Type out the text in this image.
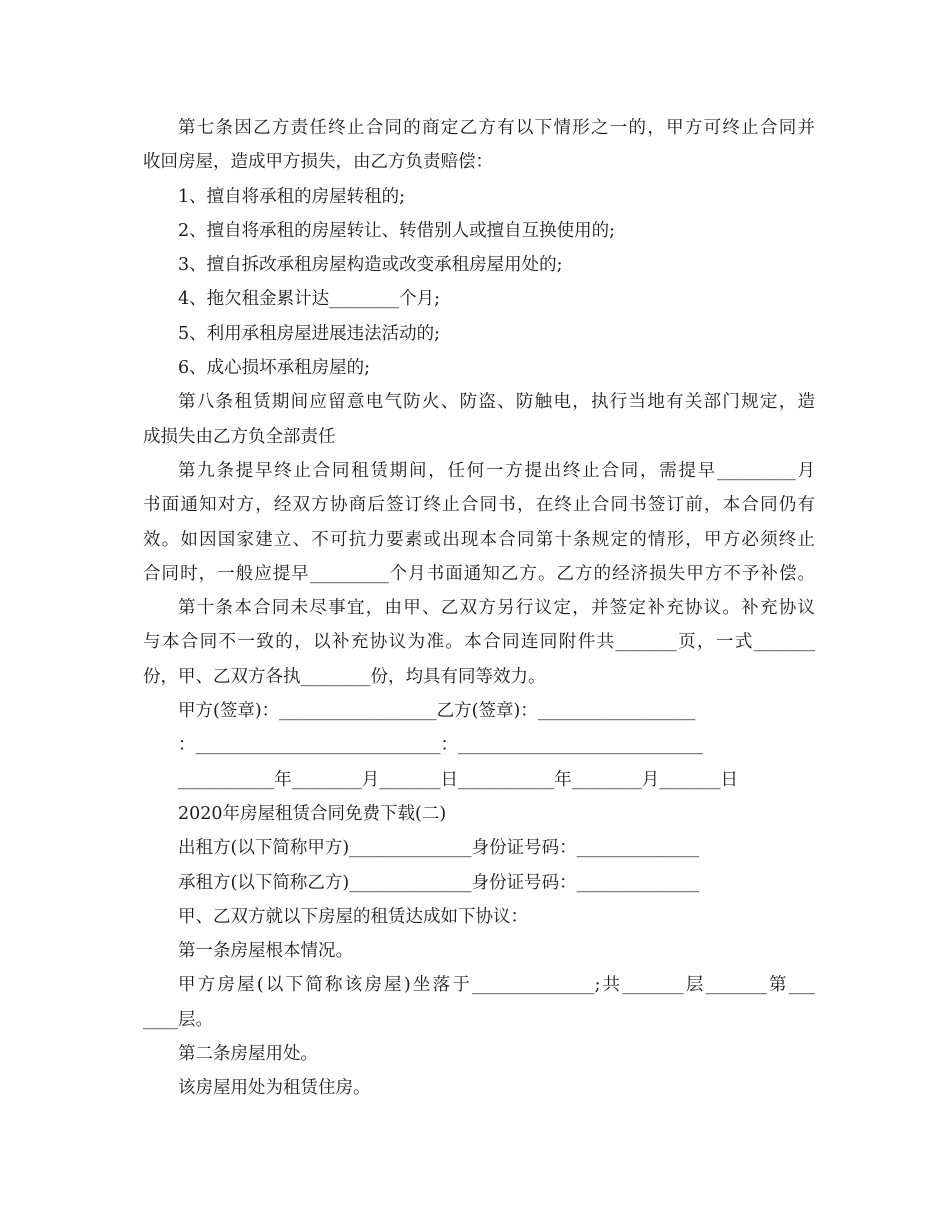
第七条因乙方责任终止合同的商定乙方有以下情形之一的，甲方可终止合同并
收回房屋，造成甲方损失，由乙方负责赔偿：
1、擅自将承租的房屋转租的;
2、擅自将承租的房屋转让、转借别人或擅自互换使用的;
3、擅自拆改承租房屋构造或改变承租房屋用处的;
4、拖欠租金累计达________个月;
5、利用承租房屋进展违法活动的;
6、成心损坏承租房屋的;
第八条租赁期间应留意电气防火、防盗、防触电，执行当地有关部门规定，造
成损失由乙方负全部责任
第九条提早终止合同租赁期间，任何一方提出终止合同，需提早_________月
书面通知对方，经双方协商后签订终止合同书，在终止合同书签订前，本合同仍有
效。如因国家建立、不可抗力要素或出现本合同第十条规定的情形，甲方必须终止
合同时，一般应提早_________个月书面通知乙方。乙方的经济损失甲方不予补偿。
第十条本合同未尽事宜，由甲、乙双方另行议定，并签定补充协议。补充协议
与本合同不一致的，以补充协议为准。本合同连同附件共_______页，一式_______
份，甲、乙双方各执________份，均具有同等效力。
甲方(签章)：__________________乙方(签章)：__________________
：____________________________：____________________________
___________年________月_______日___________年________月_______日
2020年房屋租赁合同免费下载(二)
出租方(以下简称甲方)______________身份证号码：______________
承租方(以下简称乙方)______________身份证号码：______________
甲、乙双方就以下房屋的租赁达成如下协议：
第一条房屋根本情况。
甲方房屋(以下简称该房屋)坐落于______________;共_______层_______第___
____层。
第二条房屋用处。
该房屋用处为租赁住房。
